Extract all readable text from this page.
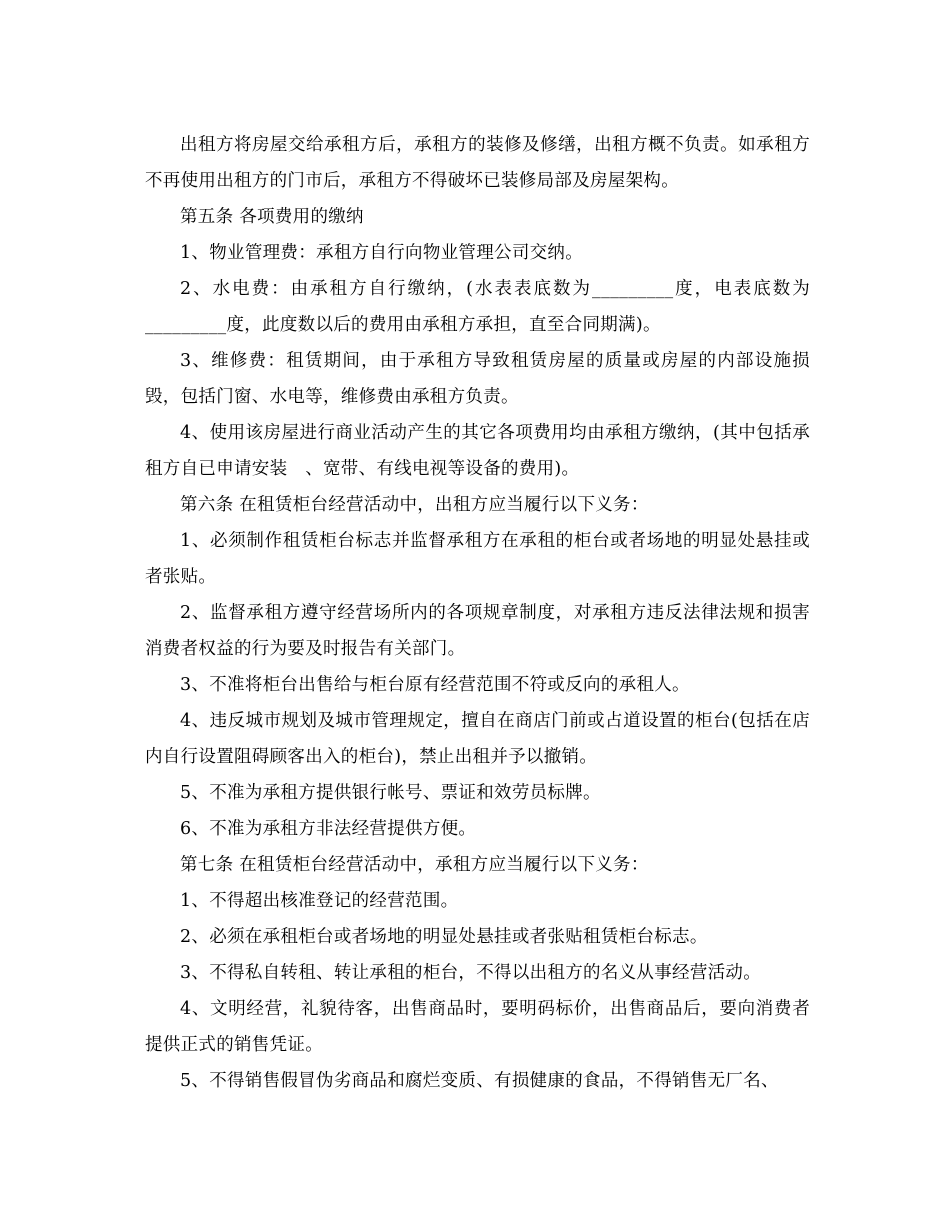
出租方将房屋交给承租方后，承租方的装修及修缮，出租方概不负责。如承租方不再使用出租方的门市后，承租方不得破坏已装修局部及房屋架构。

第五条 各项费用的缴纳

1、物业管理费：承租方自行向物业管理公司交纳。

2、水电费：由承租方自行缴纳，(水表表底数为_________度，电表底数为_________度，此度数以后的费用由承租方承担，直至合同期满)。

3、维修费：租赁期间，由于承租方导致租赁房屋的质量或房屋的内部设施损毁，包括门窗、水电等，维修费由承租方负责。

4、使用该房屋进行商业活动产生的其它各项费用均由承租方缴纳，(其中包括承租方自已申请安装　、宽带、有线电视等设备的费用)。

第六条 在租赁柜台经营活动中，出租方应当履行以下义务：

1、必须制作租赁柜台标志并监督承租方在承租的柜台或者场地的明显处悬挂或者张贴。

2、监督承租方遵守经营场所内的各项规章制度，对承租方违反法律法规和损害消费者权益的行为要及时报告有关部门。

3、不准将柜台出售给与柜台原有经营范围不符或反向的承租人。

4、违反城市规划及城市管理规定，擅自在商店门前或占道设置的柜台(包括在店内自行设置阻碍顾客出入的柜台)，禁止出租并予以撤销。

5、不准为承租方提供银行帐号、票证和效劳员标牌。

6、不准为承租方非法经营提供方便。

第七条 在租赁柜台经营活动中，承租方应当履行以下义务：

1、不得超出核准登记的经营范围。

2、必须在承租柜台或者场地的明显处悬挂或者张贴租赁柜台标志。

3、不得私自转租、转让承租的柜台，不得以出租方的名义从事经营活动。

4、文明经营，礼貌待客，出售商品时，要明码标价，出售商品后，要向消费者提供正式的销售凭证。

5、不得销售假冒伪劣商品和腐烂变质、有损健康的食品，不得销售无厂名、
